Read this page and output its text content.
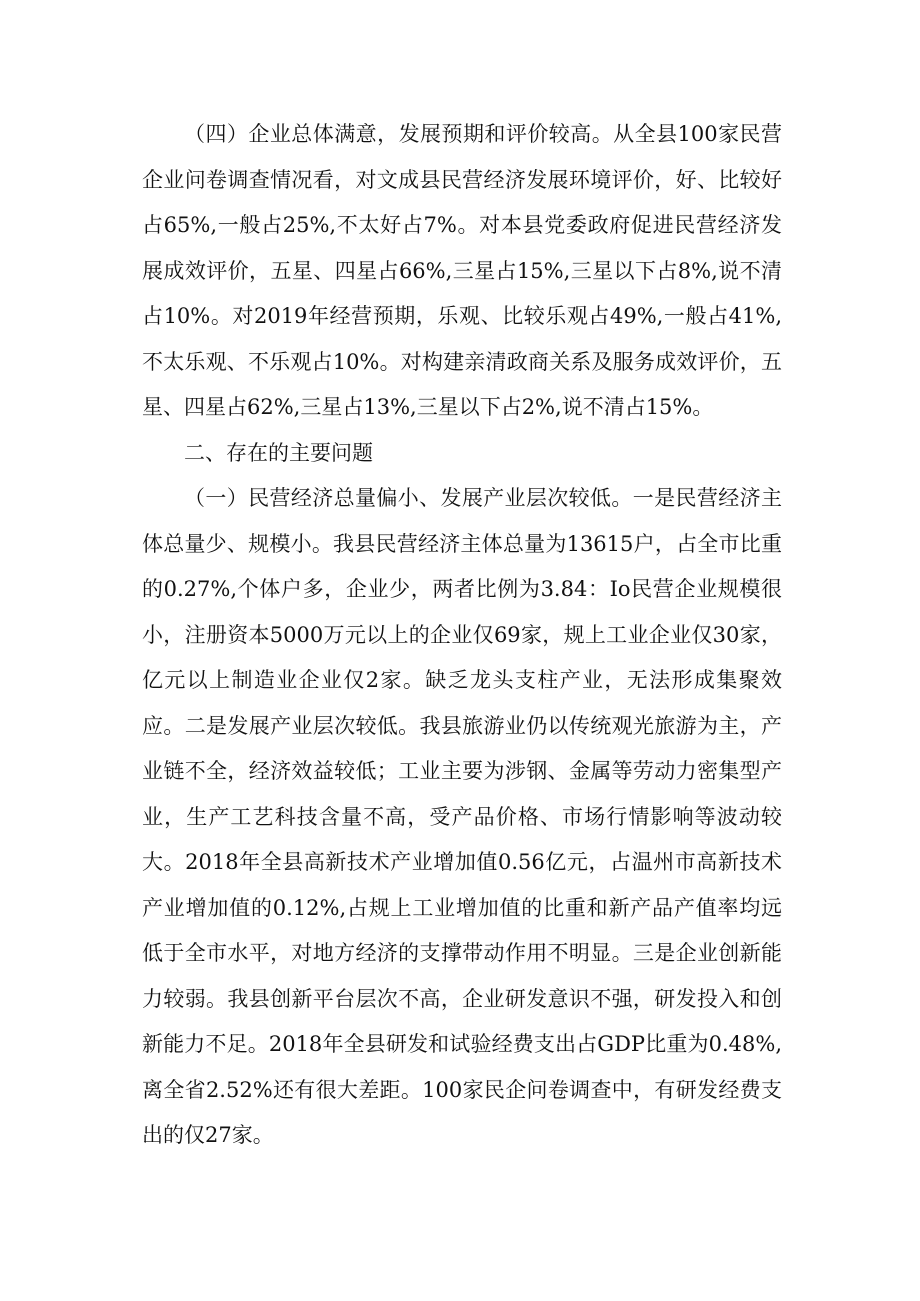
（四）企业总体满意，发展预期和评价较高。从全县100家民营企业问卷调查情况看，对文成县民营经济发展环境评价，好、比较好占65%,一般占25%,不太好占7%。对本县党委政府促进民营经济发展成效评价，五星、四星占66%,三星占15%,三星以下占8%,说不清占10%。对2019年经营预期，乐观、比较乐观占49%,一般占41%,不太乐观、不乐观占10%。对构建亲清政商关系及服务成效评价，五星、四星占62%,三星占13%,三星以下占2%,说不清占15%。

二、存在的主要问题

（一）民营经济总量偏小、发展产业层次较低。一是民营经济主体总量少、规模小。我县民营经济主体总量为13615户，占全市比重的0.27%,个体户多，企业少，两者比例为3.84：Io民营企业规模很小，注册资本5000万元以上的企业仅69家，规上工业企业仅30家，亿元以上制造业企业仅2家。缺乏龙头支柱产业，无法形成集聚效应。二是发展产业层次较低。我县旅游业仍以传统观光旅游为主，产业链不全，经济效益较低；工业主要为涉钢、金属等劳动力密集型产业，生产工艺科技含量不高，受产品价格、市场行情影响等波动较大。2018年全县高新技术产业增加值0.56亿元，占温州市高新技术产业增加值的0.12%,占规上工业增加值的比重和新产品产值率均远低于全市水平，对地方经济的支撑带动作用不明显。三是企业创新能力较弱。我县创新平台层次不高，企业研发意识不强，研发投入和创新能力不足。2018年全县研发和试验经费支出占GDP比重为0.48%,离全省2.52%还有很大差距。100家民企问卷调查中，有研发经费支出的仅27家。
